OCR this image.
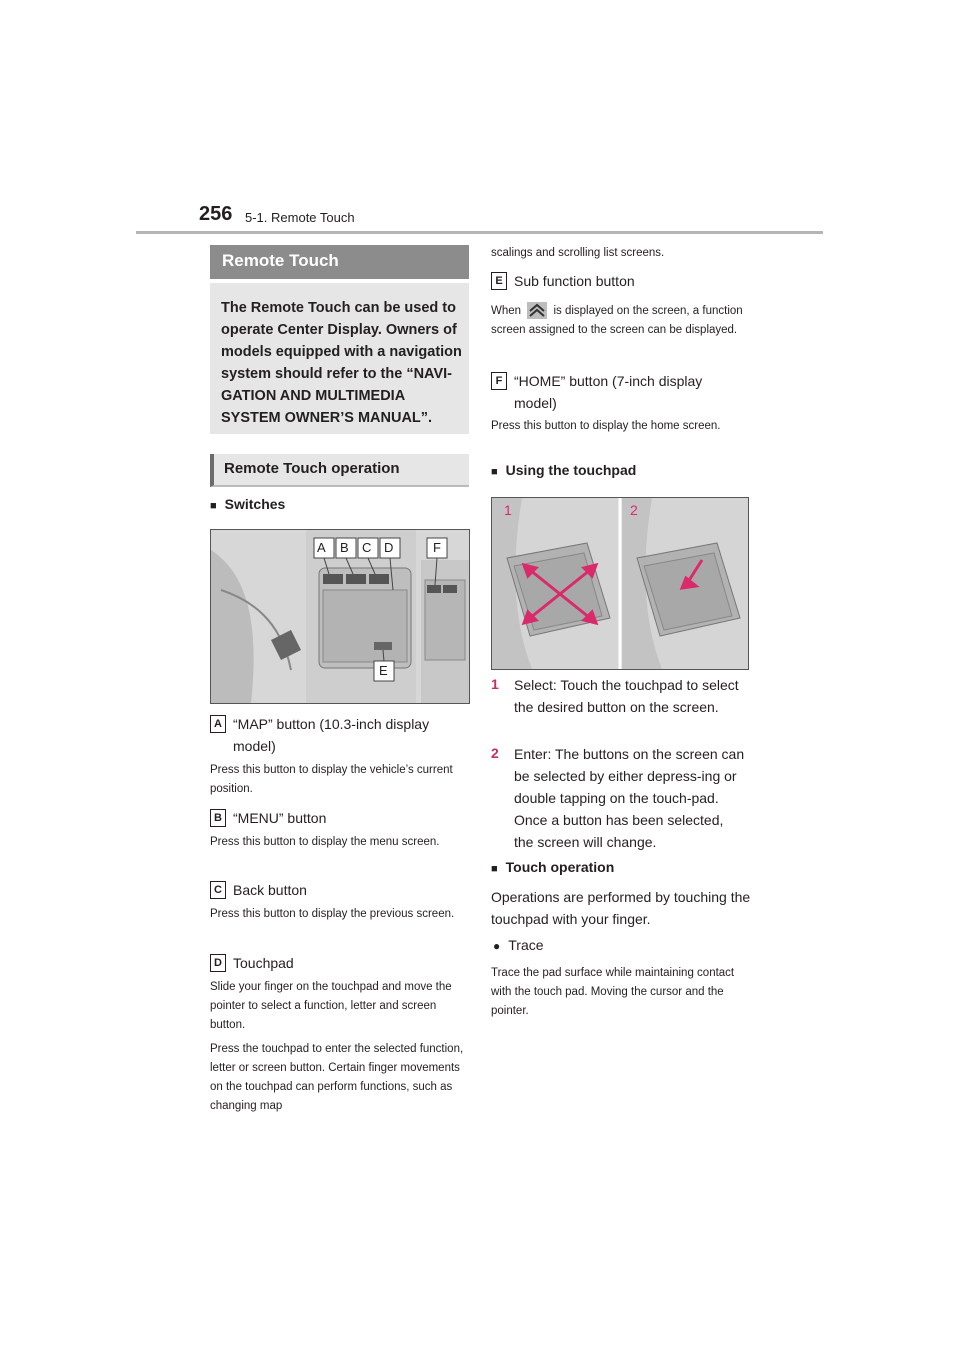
256 5-1. Remote Touch
Remote Touch
The Remote Touch can be used to operate Center Display. Owners of models equipped with a navigation system should refer to the “NAVI-GATION AND MULTIMEDIA SYSTEM OWNER’S MANUAL”.
Remote Touch operation
■ Switches
A B C D	F
E
A “MAP” button (10.3-inch display model)
Press this button to display the vehicle’s current position.
B “MENU” button
Press this button to display the menu screen.
C Back button
Press this button to display the previous screen.
D Touchpad
Slide your finger on the touchpad and move the pointer to select a function, letter and screen button.
Press the touchpad to enter the selected function, letter or screen button. Certain finger movements on the touchpad can perform functions, such as changing map
scalings and scrolling list screens.
E Sub function button
When	is displayed on the screen, a function screen assigned to the screen can be displayed.
F “HOME” button (7-inch display model)
Press this button to display the home screen.
■ Using the touchpad
1	2
1 Select: Touch the touchpad to select the desired button on the screen.
2 Enter: The buttons on the screen can be selected by either depress-ing or double tapping on the touch-pad. Once a button has been selected, the screen will change.
■ Touch operation
Operations are performed by touching the touchpad with your finger.
● Trace
Trace the pad surface while maintaining contact with the touch pad. Moving the cursor and the pointer.
